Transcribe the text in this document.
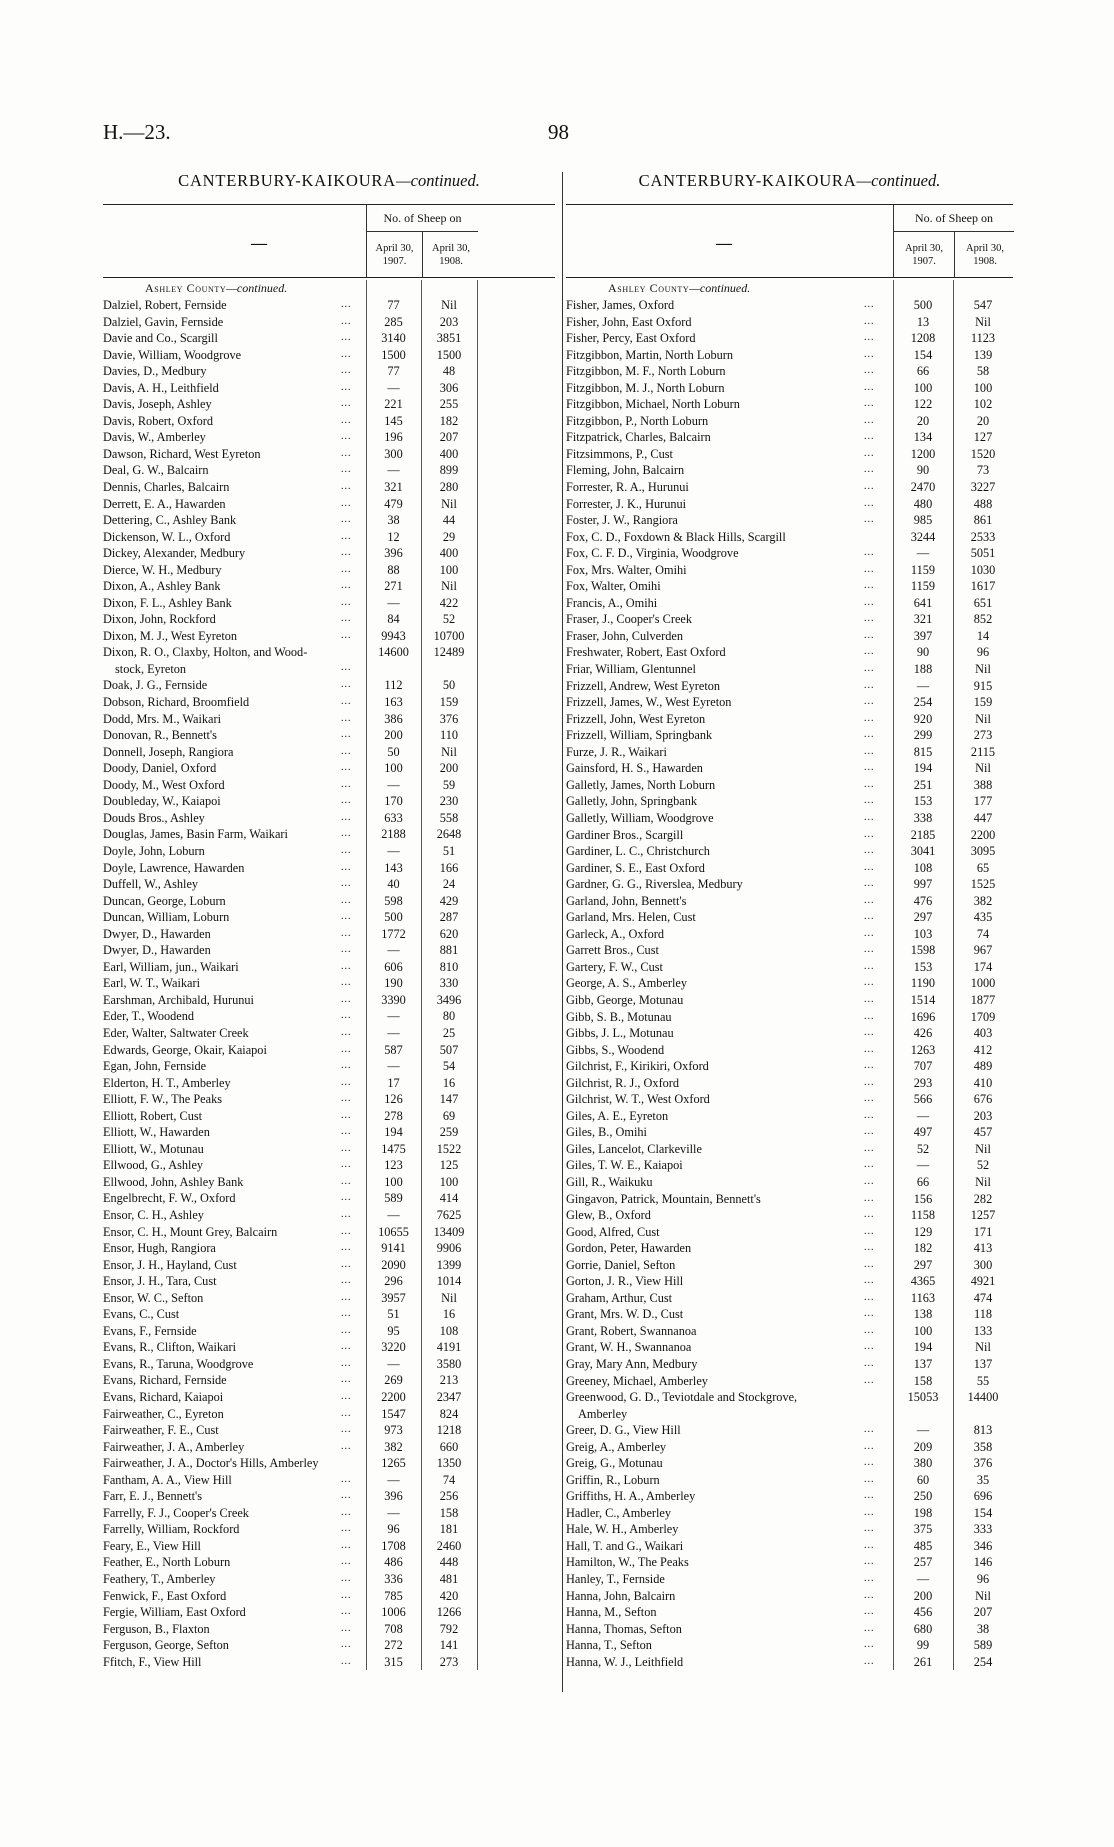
H.—23.	98
CANTERBURY-KAIKOURA—continued.
—
No. of Sheep on
April 30, 1907.
April 30, 1908.
Ashley County—continued.
Dalziel, Robert, Fernside	...	77	Nil
Dalziel, Gavin, Fernside	...	285	203
Davie and Co., Scargill	...	3140	3851
Davie, William, Woodgrove	...	1500	1500
Davies, D., Medbury	...	77	48
Davis, A. H., Leithfield	...	—	306
Davis, Joseph, Ashley	...	221	255
Davis, Robert, Oxford	...	145	182
Davis, W., Amberley	...	196	207
Dawson, Richard, West Eyreton	...	300	400
Deal, G. W., Balcairn	...	—	899
Dennis, Charles, Balcairn	...	321	280
Derrett, E. A., Hawarden	...	479	Nil
Dettering, C., Ashley Bank	...	38	44
Dickenson, W. L., Oxford	...	12	29
Dickey, Alexander, Medbury	...	396	400
Dierce, W. H., Medbury	...	88	100
Dixon, A., Ashley Bank	...	271	Nil
Dixon, F. L., Ashley Bank	...	—	422
Dixon, John, Rockford	...	84	52
Dixon, M. J., West Eyreton	...	9943	10700
Dixon, R. O., Claxby, Holton, and Wood-
stock, Eyreton	...
14600	12489
Doak, J. G., Fernside	...	112	50
Dobson, Richard, Broomfield	...	163	159
Dodd, Mrs. M., Waikari	...	386	376
Donovan, R., Bennett's	...	200	110
Donnell, Joseph, Rangiora	...	50	Nil
Doody, Daniel, Oxford	...	100	200
Doody, M., West Oxford	...	—	59
Doubleday, W., Kaiapoi	...	170	230
Douds Bros., Ashley	...	633	558
Douglas, James, Basin Farm, Waikari	...	2188	2648
Doyle, John, Loburn	...	—	51
Doyle, Lawrence, Hawarden	...	143	166
Duffell, W., Ashley	...	40	24
Duncan, George, Loburn	...	598	429
Duncan, William, Loburn	...	500	287
Dwyer, D., Hawarden	...	1772	620
Dwyer, D., Hawarden	...	—	881
Earl, William, jun., Waikari	...	606	810
Earl, W. T., Waikari	...	190	330
Earshman, Archibald, Hurunui	...	3390	3496
Eder, T., Woodend	...	—	80
Eder, Walter, Saltwater Creek	...	—	25
Edwards, George, Okair, Kaiapoi	...	587	507
Egan, John, Fernside	...	—	54
Elderton, H. T., Amberley	...	17	16
Elliott, F. W., The Peaks	...	126	147
Elliott, Robert, Cust	...	278	69
Elliott, W., Hawarden	...	194	259
Elliott, W., Motunau	...	1475	1522
Ellwood, G., Ashley	...	123	125
Ellwood, John, Ashley Bank	...	100	100
Engelbrecht, F. W., Oxford	...	589	414
Ensor, C. H., Ashley	...	—	7625
Ensor, C. H., Mount Grey, Balcairn	...	10655	13409
Ensor, Hugh, Rangiora	...	9141	9906
Ensor, J. H., Hayland, Cust	...	2090	1399
Ensor, J. H., Tara, Cust	...	296	1014
Ensor, W. C., Sefton	...	3957	Nil
Evans, C., Cust	...	51	16
Evans, F., Fernside	...	95	108
Evans, R., Clifton, Waikari	...	3220	4191
Evans, R., Taruna, Woodgrove	...	—	3580
Evans, Richard, Fernside	...	269	213
Evans, Richard, Kaiapoi	...	2200	2347
Fairweather, C., Eyreton	...	1547	824
Fairweather, F. E., Cust	...	973	1218
Fairweather, J. A., Amberley	...	382	660
Fairweather, J. A., Doctor's Hills, Amberley	1265	1350
Fantham, A. A., View Hill	...	—	74
Farr, E. J., Bennett's	...	396	256
Farrelly, F. J., Cooper's Creek	...	—	158
Farrelly, William, Rockford	...	96	181
Feary, E., View Hill	...	1708	2460
Feather, E., North Loburn	...	486	448
Feathery, T., Amberley	...	336	481
Fenwick, F., East Oxford	...	785	420
Fergie, William, East Oxford	...	1006	1266
Ferguson, B., Flaxton	...	708	792
Ferguson, George, Sefton	...	272	141
Ffitch, F., View Hill	...	315	273
CANTERBURY-KAIKOURA—continued.
—
No. of Sheep on
April 30, 1907.
April 30, 1908.
Ashley County—continued.
Fisher, James, Oxford	...	500	547
Fisher, John, East Oxford	...	13	Nil
Fisher, Percy, East Oxford	...	1208	1123
Fitzgibbon, Martin, North Loburn	...	154	139
Fitzgibbon, M. F., North Loburn	...	66	58
Fitzgibbon, M. J., North Loburn	...	100	100
Fitzgibbon, Michael, North Loburn	...	122	102
Fitzgibbon, P., North Loburn	...	20	20
Fitzpatrick, Charles, Balcairn	...	134	127
Fitzsimmons, P., Cust	...	1200	1520
Fleming, John, Balcairn	...	90	73
Forrester, R. A., Hurunui	...	2470	3227
Forrester, J. K., Hurunui	...	480	488
Foster, J. W., Rangiora	...	985	861
Fox, C. D., Foxdown & Black Hills, Scargill	3244	2533
Fox, C. F. D., Virginia, Woodgrove	...	—	5051
Fox, Mrs. Walter, Omihi	...	1159	1030
Fox, Walter, Omihi	...	1159	1617
Francis, A., Omihi	...	641	651
Fraser, J., Cooper's Creek	...	321	852
Fraser, John, Culverden	...	397	14
Freshwater, Robert, East Oxford	...	90	96
Friar, William, Glentunnel	...	188	Nil
Frizzell, Andrew, West Eyreton	...	—	915
Frizzell, James, W., West Eyreton	...	254	159
Frizzell, John, West Eyreton	...	920	Nil
Frizzell, William, Springbank	...	299	273
Furze, J. R., Waikari	...	815	2115
Gainsford, H. S., Hawarden	...	194	Nil
Galletly, James, North Loburn	...	251	388
Galletly, John, Springbank	...	153	177
Galletly, William, Woodgrove	...	338	447
Gardiner Bros., Scargill	...	2185	2200
Gardiner, L. C., Christchurch	...	3041	3095
Gardiner, S. E., East Oxford	...	108	65
Gardner, G. G., Riverslea, Medbury	...	997	1525
Garland, John, Bennett's	...	476	382
Garland, Mrs. Helen, Cust	...	297	435
Garleck, A., Oxford	...	103	74
Garrett Bros., Cust	...	1598	967
Gartery, F. W., Cust	...	153	174
George, A. S., Amberley	...	1190	1000
Gibb, George, Motunau	...	1514	1877
Gibb, S. B., Motunau	...	1696	1709
Gibbs, J. L., Motunau	...	426	403
Gibbs, S., Woodend	...	1263	412
Gilchrist, F., Kirikiri, Oxford	...	707	489
Gilchrist, R. J., Oxford	...	293	410
Gilchrist, W. T., West Oxford	...	566	676
Giles, A. E., Eyreton	...	—	203
Giles, B., Omihi	...	497	457
Giles, Lancelot, Clarkeville	...	52	Nil
Giles, T. W. E., Kaiapoi	...	—	52
Gill, R., Waikuku	...	66	Nil
Gingavon, Patrick, Mountain, Bennett's	...	156	282
Glew, B., Oxford	...	1158	1257
Good, Alfred, Cust	...	129	171
Gordon, Peter, Hawarden	...	182	413
Gorrie, Daniel, Sefton	...	297	300
Gorton, J. R., View Hill	...	4365	4921
Graham, Arthur, Cust	...	1163	474
Grant, Mrs. W. D., Cust	...	138	118
Grant, Robert, Swannanoa	...	100	133
Grant, W. H., Swannanoa	...	194	Nil
Gray, Mary Ann, Medbury	...	137	137
Greeney, Michael, Amberley	...	158	55
Greenwood, G. D., Teviotdale and Stockgrove,
Amberley
15053	14400
Greer, D. G., View Hill	...	—	813
Greig, A., Amberley	...	209	358
Greig, G., Motunau	...	380	376
Griffin, R., Loburn	...	60	35
Griffiths, H. A., Amberley	...	250	696
Hadler, C., Amberley	...	198	154
Hale, W. H., Amberley	...	375	333
Hall, T. and G., Waikari	...	485	346
Hamilton, W., The Peaks	...	257	146
Hanley, T., Fernside	...	—	96
Hanna, John, Balcairn	...	200	Nil
Hanna, M., Sefton	...	456	207
Hanna, Thomas, Sefton	...	680	38
Hanna, T., Sefton	...	99	589
Hanna, W. J., Leithfield	...	261	254
